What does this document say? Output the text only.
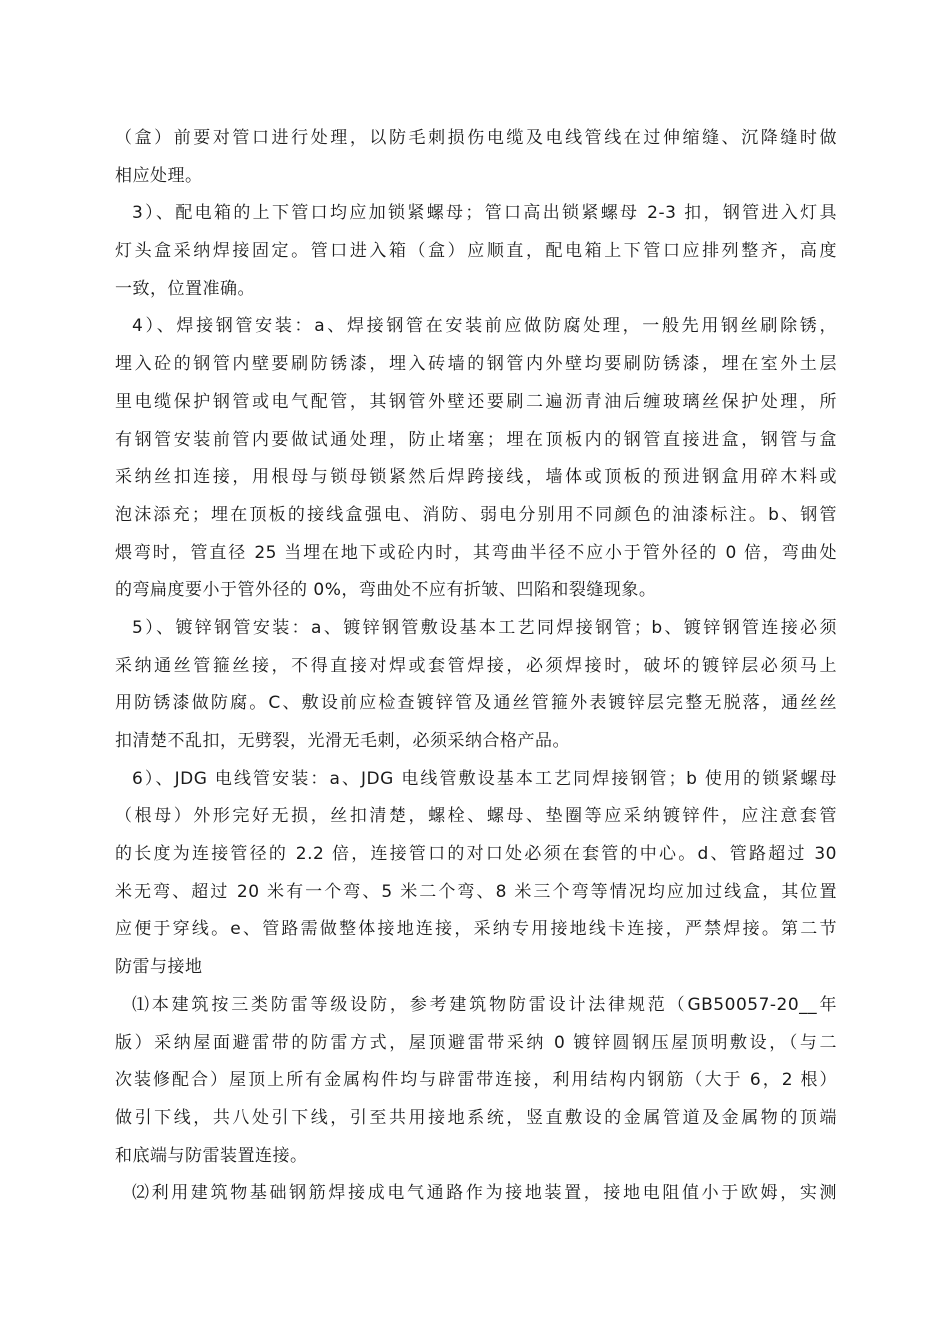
（盒）前要对管口进行处理，以防毛刺损伤电缆及电线管线在过伸缩缝、沉降缝时做
相应处理。
3）、配电箱的上下管口均应加锁紧螺母；管口高出锁紧螺母 2-3 扣，钢管进入灯具
灯头盒采纳焊接固定。管口进入箱（盒）应顺直，配电箱上下管口应排列整齐，高度
一致，位置准确。
4）、焊接钢管安装：a、焊接钢管在安装前应做防腐处理，一般先用钢丝刷除锈，
埋入砼的钢管内壁要刷防锈漆，埋入砖墙的钢管内外壁均要刷防锈漆，埋在室外土层
里电缆保护钢管或电气配管，其钢管外壁还要刷二遍沥青油后缠玻璃丝保护处理，所
有钢管安装前管内要做试通处理，防止堵塞；埋在顶板内的钢管直接进盒，钢管与盒
采纳丝扣连接，用根母与锁母锁紧然后焊跨接线，墙体或顶板的预进钢盒用碎木料或
泡沫添充；埋在顶板的接线盒强电、消防、弱电分别用不同颜色的油漆标注。b、钢管
煨弯时，管直径 25 当埋在地下或砼内时，其弯曲半径不应小于管外径的 0 倍，弯曲处
的弯扁度要小于管外径的 0%，弯曲处不应有折皱、凹陷和裂缝现象。
5）、镀锌钢管安装：a、镀锌钢管敷设基本工艺同焊接钢管；b、镀锌钢管连接必须
采纳通丝管箍丝接，不得直接对焊或套管焊接，必须焊接时，破坏的镀锌层必须马上
用防锈漆做防腐。C、敷设前应检查镀锌管及通丝管箍外表镀锌层完整无脱落，通丝丝
扣清楚不乱扣，无劈裂，光滑无毛刺，必须采纳合格产品。
6）、JDG 电线管安装：a、JDG 电线管敷设基本工艺同焊接钢管；b 使用的锁紧螺母
（根母）外形完好无损，丝扣清楚，螺栓、螺母、垫圈等应采纳镀锌件，应注意套管
的长度为连接管径的 2.2 倍，连接管口的对口处必须在套管的中心。d、管路超过 30
米无弯、超过 20 米有一个弯、5 米二个弯、8 米三个弯等情况均应加过线盒，其位置
应便于穿线。e、管路需做整体接地连接，采纳专用接地线卡连接，严禁焊接。第二节
防雷与接地
⑴本建筑按三类防雷等级设防，参考建筑物防雷设计法律规范（GB50057-20__年
版）采纳屋面避雷带的防雷方式，屋顶避雷带采纳 0 镀锌圆钢压屋顶明敷设，（与二
次装修配合）屋顶上所有金属构件均与辟雷带连接，利用结构内钢筋（大于 6，2 根）
做引下线，共八处引下线，引至共用接地系统，竖直敷设的金属管道及金属物的顶端
和底端与防雷装置连接。
⑵利用建筑物基础钢筋焊接成电气通路作为接地装置，接地电阻值小于欧姆，实测
